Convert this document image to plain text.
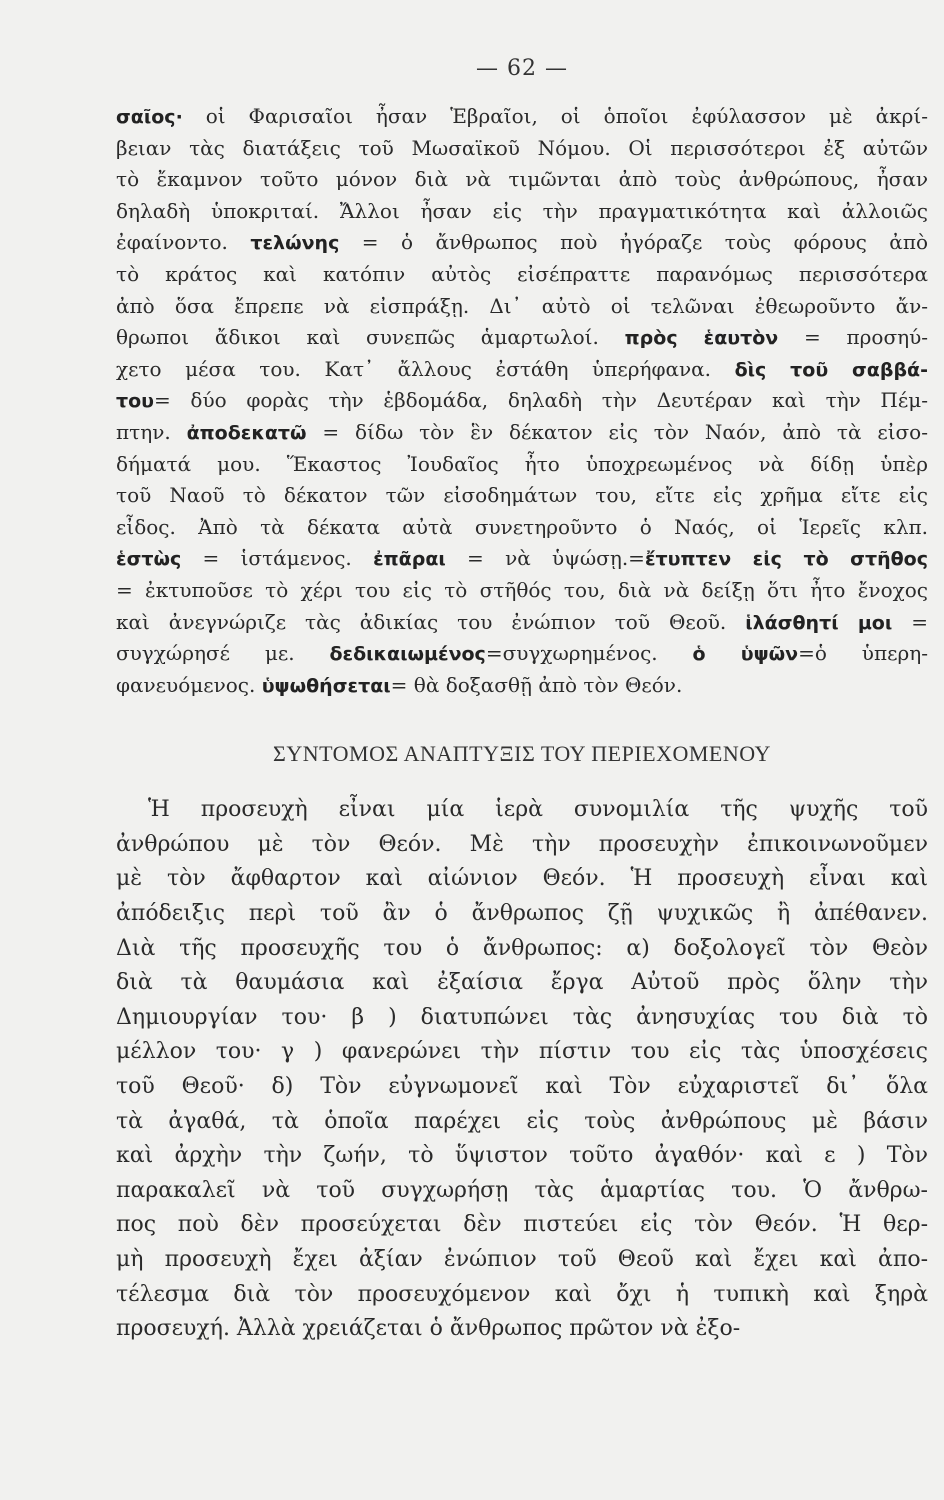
— 62 —
σαῖος· οἱ Φαρισαῖοι ἦσαν Ἑβραῖοι, οἱ ὁποῖοι ἐφύλασσον μὲ ἀκρί-
βειαν τὰς διατάξεις τοῦ Μωσαϊκοῦ Νόμου. Οἱ περισσότεροι ἐξ αὐτῶν
τὸ ἔκαμνον τοῦτο μόνον διὰ νὰ τιμῶνται ἀπὸ τοὺς ἀνθρώπους, ἦσαν
δηλαδὴ ὑποκριταί. Ἄλλοι ἦσαν εἰς τὴν πραγματικότητα καὶ ἀλλοιῶς
ἐφαίνοντο. τελώνης = ὁ ἄνθρωπος ποὺ ἠγόραζε τοὺς φόρους ἀπὸ
τὸ κράτος καὶ κατόπιν αὐτὸς εἰσέπραττε παρανόμως περισσότερα
ἀπὸ ὅσα ἔπρεπε νὰ εἰσπράξῃ. Δι᾿ αὐτὸ οἱ τελῶναι ἐθεωροῦντο ἄν-
θρωποι ἄδικοι καὶ συνεπῶς ἁμαρτωλοί. πρὸς ἑαυτὸν = προσηύ-
χετο μέσα του. Κατ᾿ ἄλλους ἐστάθη ὑπερήφανα. δὶς τοῦ σαββά-
του= δύο φορὰς τὴν ἑβδομάδα, δηλαδὴ τὴν Δευτέραν καὶ τὴν Πέμ-
πτην. ἀποδεκατῶ = δίδω τὸν ἓν δέκατον εἰς τὸν Ναόν, ἀπὸ τὰ εἰσο-
δήματά μου. Ἕκαστος Ἰουδαῖος ἦτο ὑποχρεωμένος νὰ δίδῃ ὑπὲρ
τοῦ Ναοῦ τὸ δέκατον τῶν εἰσοδημάτων του, εἴτε εἰς χρῆμα εἴτε εἰς
εἶδος. Ἀπὸ τὰ δέκατα αὐτὰ συνετηροῦντο ὁ Ναός, οἱ Ἱερεῖς κλπ.
ἑστὼς = ἱστάμενος. ἐπᾶραι = νὰ ὑψώσῃ.=ἔτυπτεν εἰς τὸ στῆθος
= ἐκτυποῦσε τὸ χέρι του εἰς τὸ στῆθός του, διὰ νὰ δείξῃ ὅτι ἦτο ἔνοχος
καὶ ἀνεγνώριζε τὰς ἀδικίας του ἐνώπιον τοῦ Θεοῦ. ἱλάσθητί μοι =
συγχώρησέ με. δεδικαιωμένος=συγχωρημένος. ὁ ὑψῶν=ὁ ὑπερη-
φανευόμενος. ὑψωθήσεται= θὰ δοξασθῇ ἀπὸ τὸν Θεόν.
ΣΥΝΤΟΜΟΣ ΑΝΑΠΤΥΞΙΣ ΤΟΥ ΠΕΡΙΕΧΟΜΕΝΟΥ
Ἡ προσευχὴ εἶναι μία ἱερὰ συνομιλία τῆς ψυχῆς τοῦ
ἀνθρώπου μὲ τὸν Θεόν. Μὲ τὴν προσευχὴν ἐπικοινωνοῦμεν
μὲ τὸν ἄφθαρτον καὶ αἰώνιον Θεόν. Ἡ προσευχὴ εἶναι καὶ
ἀπόδειξις περὶ τοῦ ἂν ὁ ἄνθρωπος ζῇ ψυχικῶς ἢ ἀπέθανεν.
Διὰ τῆς προσευχῆς του ὁ ἄνθρωπος: α) δοξολογεῖ τὸν Θεὸν
διὰ τὰ θαυμάσια καὶ ἐξαίσια ἔργα Αὐτοῦ πρὸς ὅλην τὴν
Δημιουργίαν του· β ) διατυπώνει τὰς ἀνησυχίας του διὰ τὸ
μέλλον του· γ ) φανερώνει τὴν πίστιν του εἰς τὰς ὑποσχέσεις
τοῦ Θεοῦ· δ) Τὸν εὐγνωμονεῖ καὶ Τὸν εὐχαριστεῖ δι᾿ ὅλα
τὰ ἀγαθά, τὰ ὁποῖα παρέχει εἰς τοὺς ἀνθρώπους μὲ βάσιν
καὶ ἀρχὴν τὴν ζωήν, τὸ ὕψιστον τοῦτο ἀγαθόν· καὶ ε ) Τὸν
παρακαλεῖ νὰ τοῦ συγχωρήσῃ τὰς ἁμαρτίας του. Ὁ ἄνθρω-
πος ποὺ δὲν προσεύχεται δὲν πιστεύει εἰς τὸν Θεόν. Ἡ θερ-
μὴ προσευχὴ ἔχει ἀξίαν ἐνώπιον τοῦ Θεοῦ καὶ ἔχει καὶ ἀπο-
τέλεσμα διὰ τὸν προσευχόμενον καὶ ὄχι ἡ τυπικὴ καὶ ξηρὰ
προσευχή. Ἀλλὰ χρειάζεται ὁ ἄνθρωπος πρῶτον νὰ ἐξο-
